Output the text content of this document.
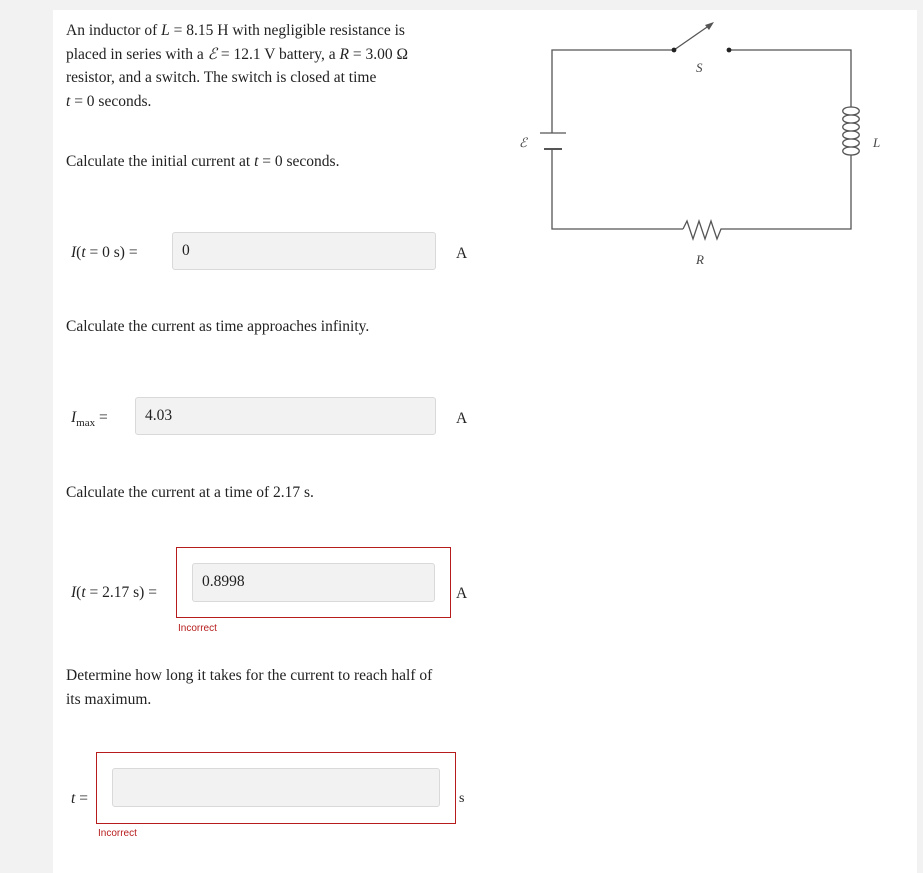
An inductor of L = 8.15 H with negligible resistance is
placed in series with a ℰ = 12.1 V battery, a R = 3.00 Ω
resistor, and a switch. The switch is closed at time
t = 0 seconds.
Calculate the initial current at t = 0 seconds.
I(t = 0 s) =	0	A
Calculate the current as time approaches infinity.
$I_{max}$ =	4.03	A
Calculate the current at a time of 2.17 s.
I(t = 2.17 s) =
0.8998
A
Incorrect
Determine how long it takes for the current to reach half of
its maximum.
t =	s
Incorrect
S
ℰ	L
R
